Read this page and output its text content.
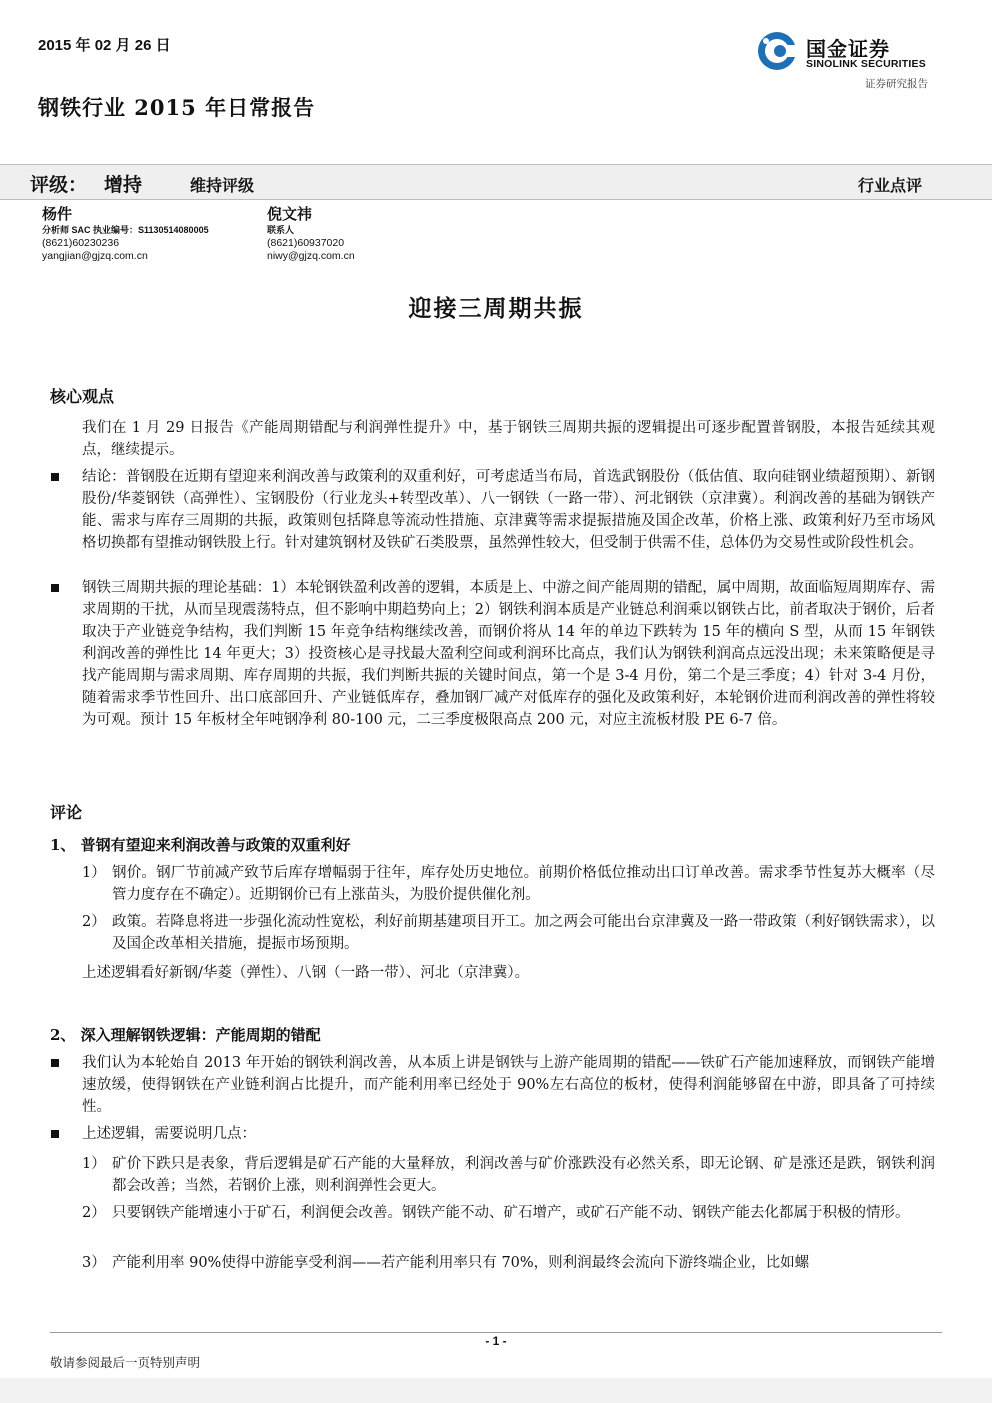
2015 年 02 月 26 日
钢铁行业 2015 年日常报告
国金证券
SINOLINK SECURITIES
证券研究报告
评级： 增持	维持评级	行业点评
杨件
分析师 SAC 执业编号：S1130514080005
(8621)60230236
yangjian@gjzq.com.cn
倪文祎
联系人
(8621)60937020
niwy@gjzq.com.cn
迎接三周期共振
核心观点
我们在 1 月 29 日报告《产能周期错配与利润弹性提升》中，基于钢铁三周期共振的逻辑提出可逐步配置普钢股，本报告延续其观点，继续提示。
结论：普钢股在近期有望迎来利润改善与政策利的双重利好，可考虑适当布局，首选武钢股份（低估值、取向硅钢业绩超预期）、新钢股份/华菱钢铁（高弹性）、宝钢股份（行业龙头+转型改革）、八一钢铁（一路一带）、河北钢铁（京津冀）。利润改善的基础为钢铁产能、需求与库存三周期的共振，政策则包括降息等流动性措施、京津冀等需求提振措施及国企改革，价格上涨、政策利好乃至市场风格切换都有望推动钢铁股上行。针对建筑钢材及铁矿石类股票，虽然弹性较大，但受制于供需不佳，总体仍为交易性或阶段性机会。
钢铁三周期共振的理论基础：1）本轮钢铁盈利改善的逻辑，本质是上、中游之间产能周期的错配，属中周期，故面临短周期库存、需求周期的干扰，从而呈现震荡特点，但不影响中期趋势向上；2）钢铁利润本质是产业链总利润乘以钢铁占比，前者取决于钢价，后者取决于产业链竞争结构，我们判断 15 年竞争结构继续改善，而钢价将从 14 年的单边下跌转为 15 年的横向 S 型，从而 15 年钢铁利润改善的弹性比 14 年更大；3）投资核心是寻找最大盈利空间或利润环比高点，我们认为钢铁利润高点远没出现；未来策略便是寻找产能周期与需求周期、库存周期的共振，我们判断共振的关键时间点，第一个是 3-4 月份，第二个是三季度；4）针对 3-4 月份，随着需求季节性回升、出口底部回升、产业链低库存，叠加钢厂减产对低库存的强化及政策利好，本轮钢价进而利润改善的弹性将较为可观。预计 15 年板材全年吨钢净利 80-100 元，二三季度极限高点 200 元，对应主流板材股 PE 6-7 倍。
评论
1、 普钢有望迎来利润改善与政策的双重利好
1） 钢价。钢厂节前减产致节后库存增幅弱于往年，库存处历史地位。前期价格低位推动出口订单改善。需求季节性复苏大概率（尽管力度存在不确定）。近期钢价已有上涨苗头，为股价提供催化剂。
2） 政策。若降息将进一步强化流动性宽松，利好前期基建项目开工。加之两会可能出台京津冀及一路一带政策（利好钢铁需求），以及国企改革相关措施，提振市场预期。
上述逻辑看好新钢/华菱（弹性）、八钢（一路一带）、河北（京津冀）。
2、 深入理解钢铁逻辑：产能周期的错配
我们认为本轮始自 2013 年开始的钢铁利润改善，从本质上讲是钢铁与上游产能周期的错配——铁矿石产能加速释放，而钢铁产能增速放缓，使得钢铁在产业链利润占比提升，而产能利用率已经处于 90%左右高位的板材，使得利润能够留在中游，即具备了可持续性。
上述逻辑，需要说明几点：
1） 矿价下跌只是表象，背后逻辑是矿石产能的大量释放，利润改善与矿价涨跌没有必然关系，即无论钢、矿是涨还是跌，钢铁利润都会改善；当然，若钢价上涨，则利润弹性会更大。
2） 只要钢铁产能增速小于矿石，利润便会改善。钢铁产能不动、矿石增产，或矿石产能不动、钢铁产能去化都属于积极的情形。
3） 产能利用率 90%使得中游能享受利润——若产能利用率只有 70%，则利润最终会流向下游终端企业，比如螺
- 1 -
敬请参阅最后一页特别声明
